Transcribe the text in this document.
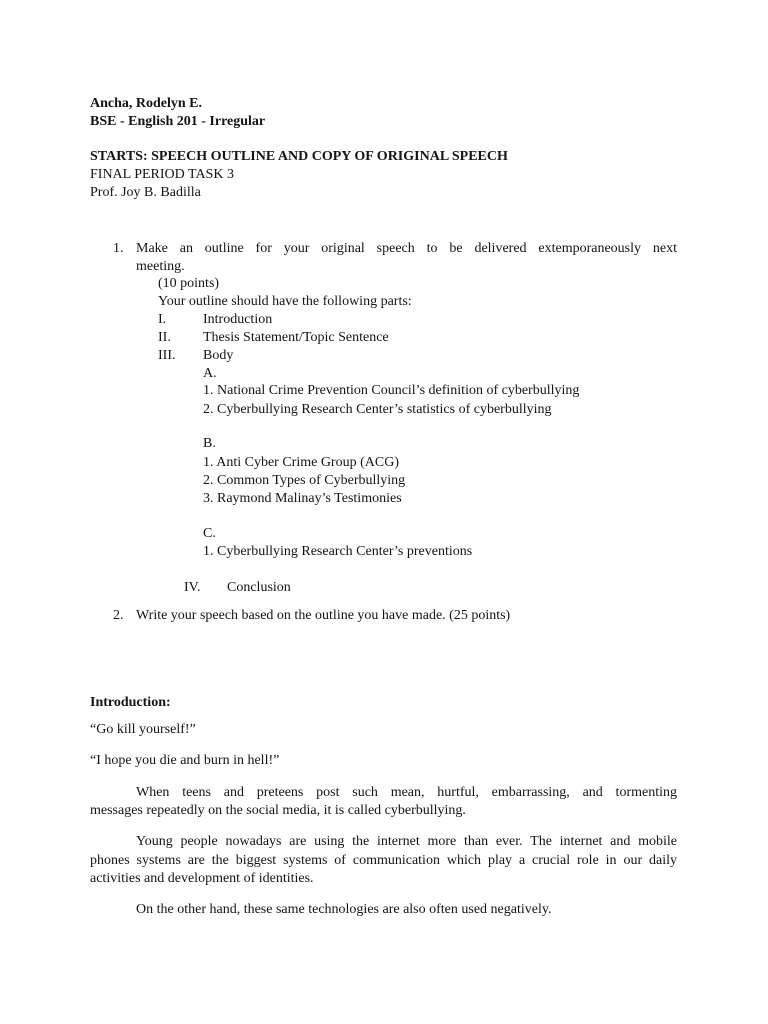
Ancha, Rodelyn E.
BSE - English 201 - Irregular
STARTS: SPEECH OUTLINE AND COPY OF ORIGINAL SPEECH
FINAL PERIOD TASK 3
Prof. Joy B. Badilla
1. Make an outline for your original speech to be delivered extemporaneously next
meeting.
(10 points)
Your outline should have the following parts:
I.	Introduction
II. Thesis Statement/Topic Sentence
III. Body
A.
1. National Crime Prevention Council’s definition of cyberbullying
2. Cyberbullying Research Center’s statistics of cyberbullying
B.
1. Anti Cyber Crime Group (ACG)
2. Common Types of Cyberbullying
3. Raymond Malinay’s Testimonies
C.
1. Cyberbullying Research Center’s preventions
IV. Conclusion
2. Write your speech based on the outline you have made. (25 points)
Introduction:
“Go kill yourself!”
“I hope you die and burn in hell!”
When teens and preteens post such mean, hurtful, embarrassing, and tormenting
messages repeatedly on the social media, it is called cyberbullying.
Young people nowadays are using the internet more than ever. The internet and mobile
phones systems are the biggest systems of communication which play a crucial role in our daily
activities and development of identities.
On the other hand, these same technologies are also often used negatively.
